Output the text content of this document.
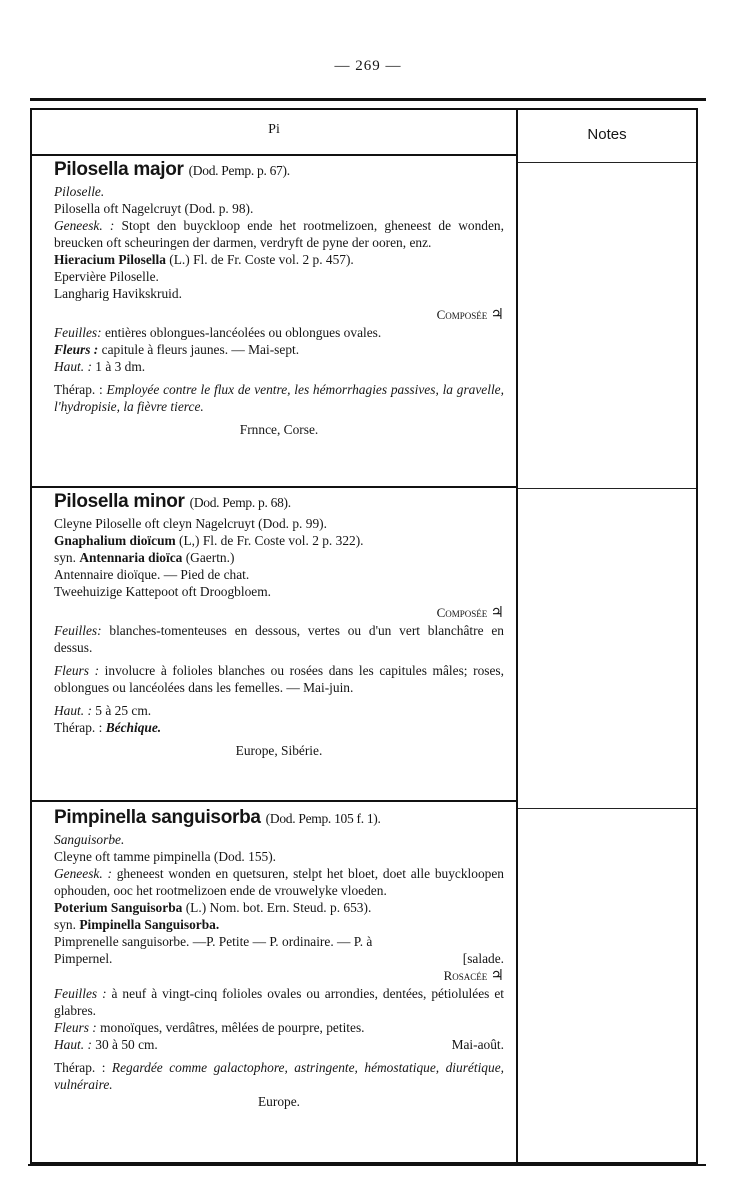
— 269 —
Pi	Notes

Pilosella major (Dod. Pemp. p. 67).

Piloselle.

Pilosella oft Nagelcruyt (Dod. p. 98).

Geneesk. : Stopt den buyckloop ende het rootmelizoen, gheneest de wonden, breucken oft scheuringen der darmen, verdryft de pyne der ooren, enz.

Hieracium Pilosella (L.) Fl. de Fr. Coste vol. 2 p. 457).

Epervière Piloselle.

Langharig Havikskruid.

Composée ♃

Feuilles: entières oblongues-lancéolées ou oblongues ovales.

Fleurs : capitule à fleurs jaunes. — Mai-sept.

Haut. : 1 à 3 dm.

Thérap. : Employée contre le flux de ventre, les hémorrhagies passives, la gravelle, l'hydropisie, la fièvre tierce.

Frnnce, Corse.

Pilosella minor (Dod. Pemp. p. 68).

Cleyne Piloselle oft cleyn Nagelcruyt (Dod. p. 99).

Gnaphalium dioïcum (L,) Fl. de Fr. Coste vol. 2 p. 322).

syn. Antennaria dioïca (Gaertn.)

Antennaire dioïque. — Pied de chat.

Tweehuizige Kattepoot oft Droogbloem.

Composée ♃

Feuilles: blanches-tomenteuses en dessous, vertes ou d'un vert blanchâtre en dessus.

Fleurs : involucre à folioles blanches ou rosées dans les capitules mâles; roses, oblongues ou lancéolées dans les femelles. — Mai-juin.

Haut. : 5 à 25 cm.

Thérap. : Béchique.

Europe, Sibérie.

Pimpinella sanguisorba (Dod. Pemp. 105 f. 1).

Sanguisorbe.

Cleyne oft tamme pimpinella (Dod. 155).

Geneesk. : gheneest wonden en quetsuren, stelpt het bloet, doet alle buyckloopen ophouden, ooc het rootmelizoen ende de vrouwelyke vloeden.

Poterium Sanguisorba (L.) Nom. bot. Ern. Steud. p. 653).

syn. Pimpinella Sanguisorba.

Pimprenelle sanguisorbe. —P. Petite — P. ordinaire. — P. à

Pimpernel.	[salade.

Rosacée ♃

Feuilles : à neuf à vingt-cinq folioles ovales ou arrondies, dentées, pétiolulées et glabres.

Fleurs : monoïques, verdâtres, mêlées de pourpre, petites.

Haut. : 30 à 50 cm.	Mai-août.

Thérap. : Regardée comme galactophore, astringente, hémostatique, diurétique, vulnéraire.

Europe.
